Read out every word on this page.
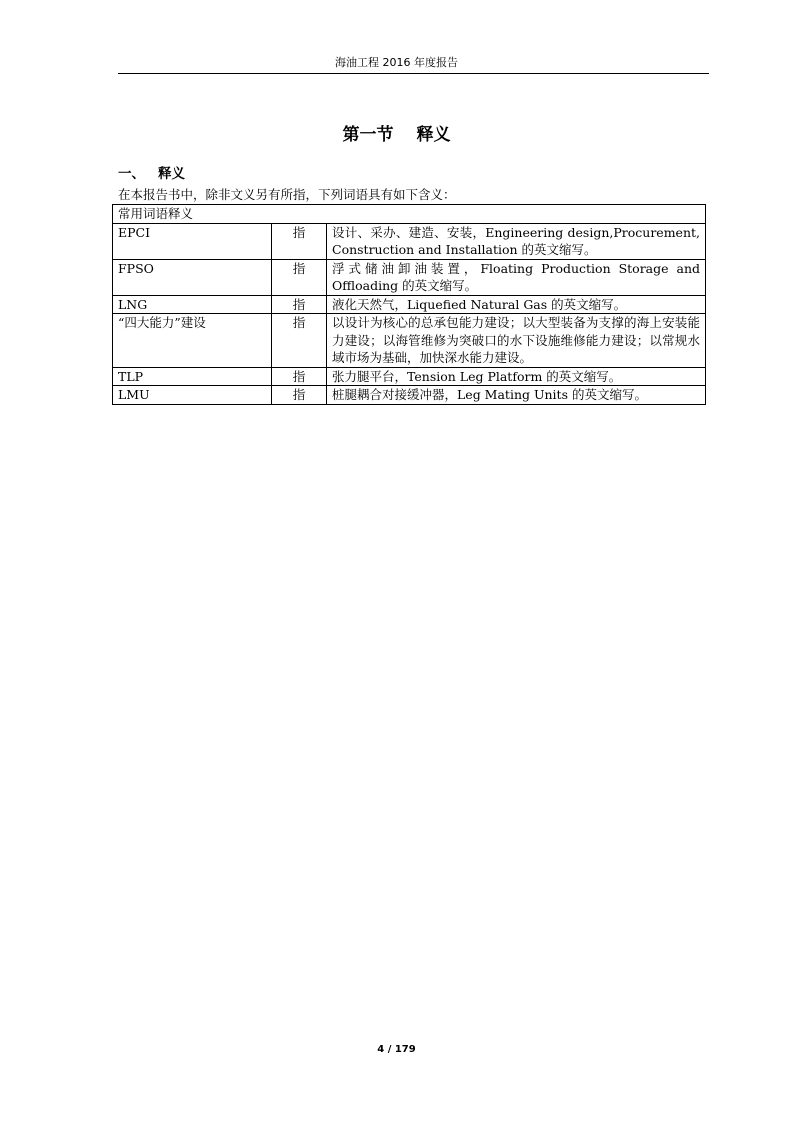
海油工程 2016 年度报告
第一节　 释义
一、 释义
在本报告书中，除非文义另有所指，下列词语具有如下含义：
常用词语释义		
EPCI	指	设计、采办、建造、安装，Engineering design,Procurement, Construction and Installation 的英文缩写。
FPSO	指	浮式储油卸油装置，Floating Production Storage and Offloading 的英文缩写。
LNG	指	液化天然气，Liquefied Natural Gas 的英文缩写。
“四大能力”建设	指	以设计为核心的总承包能力建设；以大型装备为支撑的海上安装能力建设；以海管维修为突破口的水下设施维修能力建设；以常规水域市场为基础，加快深水能力建设。
TLP	指	张力腿平台，Tension Leg Platform 的英文缩写。
LMU	指	桩腿耦合对接缓冲器，Leg Mating Units 的英文缩写。
4 / 179
